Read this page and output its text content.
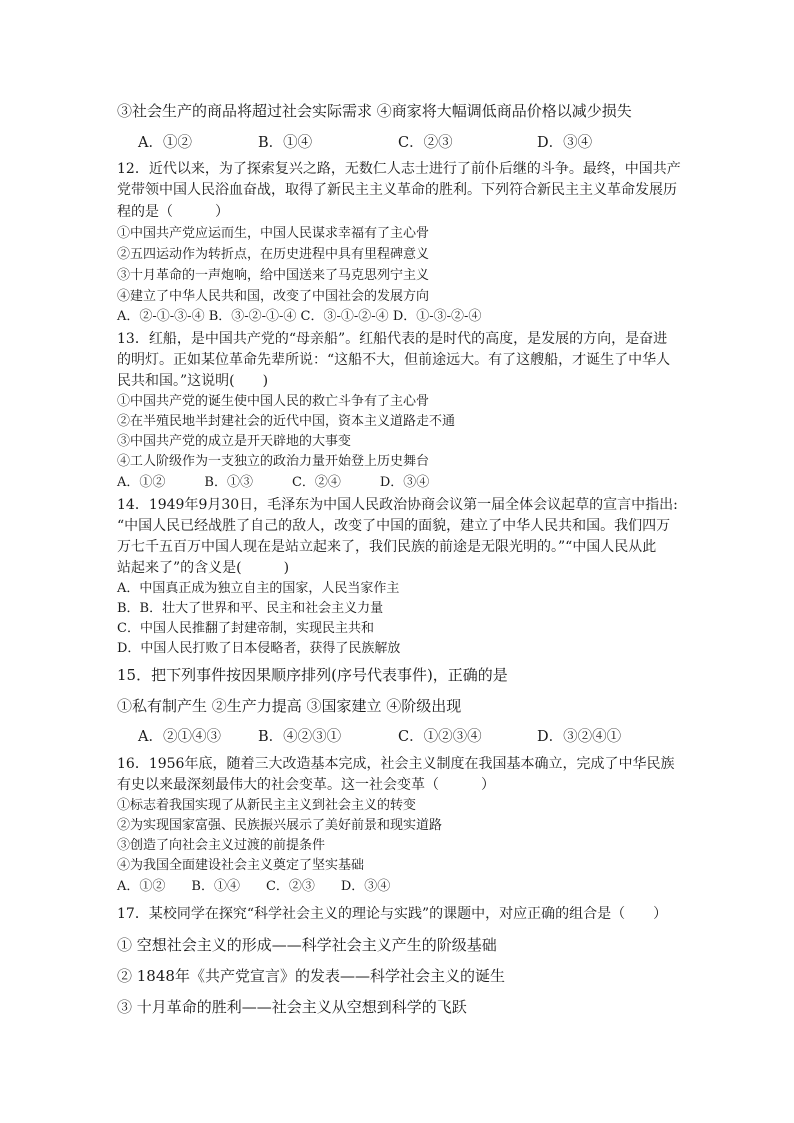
③社会生产的商品将超过社会实际需求 ④商家将大幅调低商品价格以减少损失
A．①②	B．①④	C．②③	D．③④
12．近代以来，为了探索复兴之路，无数仁人志士进行了前仆后继的斗争。最终，中国共产
党带领中国人民浴血奋战，取得了新民主主义革命的胜利。下列符合新民主主义革命发展历
程的是（　　　）
①中国共产党应运而生，中国人民谋求幸福有了主心骨
②五四运动作为转折点，在历史进程中具有里程碑意义
③十月革命的一声炮响，给中国送来了马克思列宁主义
④建立了中华人民共和国，改变了中国社会的发展方向
A．②-①-③-④ B．③-②-①-④ C．③-①-②-④ D．①-③-②-④
13．红船，是中国共产党的“母亲船”。红船代表的是时代的高度，是发展的方向，是奋进
的明灯。正如某位革命先辈所说：“这船不大，但前途远大。有了这艘船，才诞生了中华人
民共和国。”这说明(　　)
①中国共产党的诞生使中国人民的救亡斗争有了主心骨
②在半殖民地半封建社会的近代中国，资本主义道路走不通
③中国共产党的成立是开天辟地的大事变
④工人阶级作为一支独立的政治力量开始登上历史舞台
A．①②　　　B．①③　　　C．②④　　　D．③④
14．1949年9月30日，毛泽东为中国人民政治协商会议第一届全体会议起草的宣言中指出:
“中国人民已经战胜了自己的敌人，改变了中国的面貌，建立了中华人民共和国。我们四万
万七千五百万中国人现在是站立起来了，我们民族的前途是无限光明的。”“中国人民从此
站起来了”的含义是(　　　)
A．中国真正成为独立自主的国家，人民当家作主
B．B．壮大了世界和平、民主和社会主义力量
C．中国人民推翻了封建帝制，实现民主共和
D．中国人民打败了日本侵略者，获得了民族解放
15．把下列事件按因果顺序排列(序号代表事件)，正确的是
①私有制产生 ②生产力提高 ③国家建立 ④阶级出现
A．②①④③	B．④②③①	C．①②③④	D．③②④①
16．1956年底，随着三大改造基本完成，社会主义制度在我国基本确立，完成了中华民族
有史以来最深刻最伟大的社会变革。这一社会变革（　　　）
①标志着我国实现了从新民主主义到社会主义的转变
②为实现国家富强、民族振兴展示了美好前景和现实道路
③创造了向社会主义过渡的前提条件
④为我国全面建设社会主义奠定了坚实基础
A．①②　　B．①④　　C．②③　　D．③④
17．某校同学在探究“科学社会主义的理论与实践”的课题中，对应正确的组合是（　　）
① 空想社会主义的形成——科学社会主义产生的阶级基础
② 1848年《共产党宣言》的发表——科学社会主义的诞生
③ 十月革命的胜利——社会主义从空想到科学的飞跃
